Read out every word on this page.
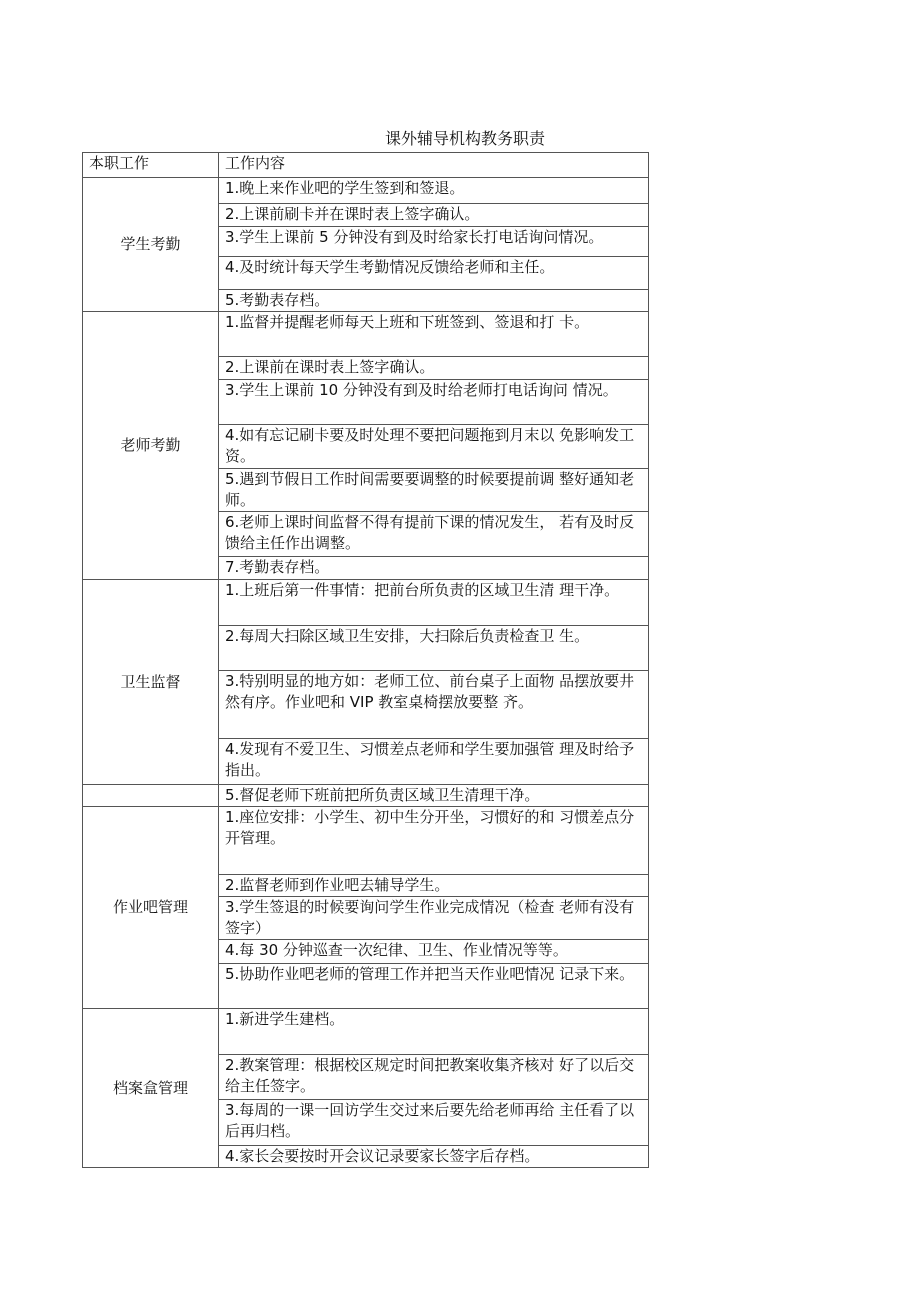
课外辅导机构教务职责
本职工作	工作内容
学生考勤	1.晚上来作业吧的学生签到和签退。
	2.上课前刷卡并在课时表上签字确认。
	3.学生上课前 5 分钟没有到及时给家长打电话询问情况。
	4.及时统计每天学生考勤情况反馈给老师和主任。
	5.考勤表存档。
老师考勤	1.监督并提醒老师每天上班和下班签到、签退和打 卡。
	2.上课前在课时表上签字确认。
	3.学生上课前 10 分钟没有到及时给老师打电话询问 情况。
	4.如有忘记刷卡要及时处理不要把问题拖到月末以 免影响发工资。
	5.遇到节假日工作时间需要要调整的时候要提前调 整好通知老师。
	6.老师上课时间监督不得有提前下课的情况发生， 若有及时反馈给主任作出调整。
	7.考勤表存档。
卫生监督	1.上班后第一件事情：把前台所负责的区域卫生清 理干净。
	2.每周大扫除区域卫生安排，大扫除后负责检查卫 生。
	3.特别明显的地方如：老师工位、前台桌子上面物 品摆放要井然有序。作业吧和 VIP 教室桌椅摆放要整 齐。
	4.发现有不爱卫生、习惯差点老师和学生要加强管 理及时给予指出。
	5.督促老师下班前把所负责区域卫生清理干净。
作业吧管理	1.座位安排：小学生、初中生分开坐，习惯好的和 习惯差点分开管理。
	2.监督老师到作业吧去辅导学生。
	3.学生签退的时候要询问学生作业完成情况（检查 老师有没有签字）
	4.每 30 分钟巡查一次纪律、卫生、作业情况等等。
	5.协助作业吧老师的管理工作并把当天作业吧情况 记录下来。
档案盒管理	1.新进学生建档。
	2.教案管理：根据校区规定时间把教案收集齐核对 好了以后交给主任签字。
	3.每周的一课一回访学生交过来后要先给老师再给 主任看了以后再归档。
	4.家长会要按时开会议记录要家长签字后存档。
